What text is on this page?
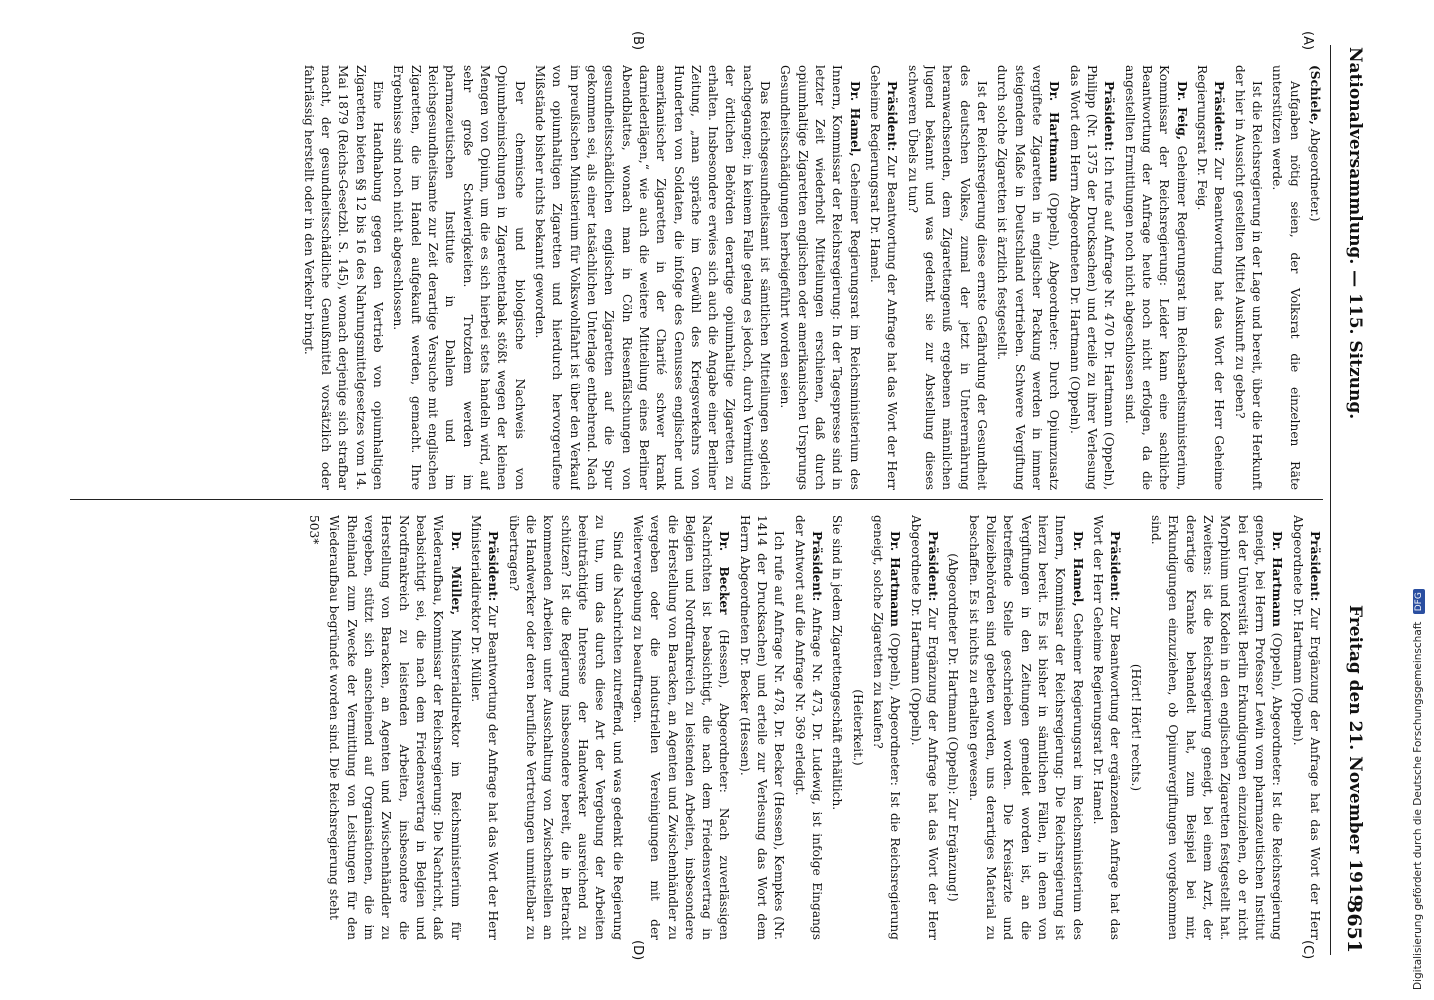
Nationalversammlung. — 115. Sitzung.
Freitag den 21. November 1919.
3651
(A)
(B)
(C)
(D)

(Schiele, Abgeordneter.)

Aufgaben nötig seien, der Volksrat die einzelnen Räte unterstützen werde.

Ist die Reichsregierung in der Lage und bereit, über die Herkunft der hier in Aussicht gestellten Mittel Auskunft zu geben?

Präsident: Zur Beantwortung hat das Wort der Herr Geheime Regierungsrat Dr. Feig.

Dr. Feig, Geheimer Regierungsrat im Reichsarbeitsministerium, Kommissar der Reichsregierung: Leider kann eine sachliche Beantwortung der Anfrage heute noch nicht erfolgen, da die angestellten Ermittlungen noch nicht abgeschlossen sind.

Präsident: Ich rufe auf Anfrage Nr. 470 Dr. Hartmann (Oppeln), Philipp (Nr. 1375 der Drucksachen) und erteile zu ihrer Verlesung das Wort dem Herrn Abgeordneten Dr. Hartmann (Oppeln).

Dr. Hartmann (Oppeln), Abgeordneter: Durch Opiumzusatz vergiftete Zigaretten in englischer Packung werden in immer steigendem Maße in Deutschland vertrieben. Schwere Vergiftung durch solche Zigaretten ist ärztlich festgestellt.

Ist der Reichsregierung diese ernste Gefährdung der Gesundheit des deutschen Volkes, zumal der jetzt in Unterernährung heranwachsenden, dem Zigarettengenuß ergebenen männlichen Jugend bekannt und was gedenkt sie zur Abstellung dieses schweren Übels zu tun?

Präsident: Zur Beantwortung der Anfrage hat das Wort der Herr Geheime Regierungsrat Dr. Hamel.

Dr. Hamel, Geheimer Regierungsrat im Reichsministerium des Innern, Kommissar der Reichsregierung: In der Tagespresse sind in letzter Zeit wiederholt Mitteilungen erschienen, daß durch opiumhaltige Zigaretten englischen oder amerikanischen Ursprungs Gesundheitsschädigungen herbeigeführt worden seien.

Das Reichsgesundheitsamt ist sämtlichen Mitteilungen sogleich nachgegangen; in keinem Falle gelang es jedoch, durch Vermittlung der örtlichen Behörden derartige opiumhaltige Zigaretten zu erhalten. Insbesondere erwies sich auch die Angabe einer Berliner Zeitung, „man spräche im Gewühl des Kriegsverkehrs von Hunderten von Soldaten, die infolge des Genusses englischer und amerikanischer Zigaretten in der Charité schwer krank darniederlägen,“ wie auch die weitere Mitteilung eines Berliner Abendblattes, wonach man in Cöln Riesenfälschungen von gesundheitsschädlichen englischen Zigaretten auf die Spur gekommen sei, als einer tatsächlichen Unterlage entbehrend. Nach im preußischen Ministerium für Volkswohlfahrt ist über den Verkauf von opiumhaltigen Zigaretten und hierdurch hervorgerufene Mißstände bisher nichts bekannt geworden.

Der chemische und biologische Nachweis von Opiumbeimischungen in Zigarettentabak stößt wegen der kleinen Mengen von Opium, um die es sich hierbei stets handeln wird, auf sehr große Schwierigkeiten. Trotzdem werden im pharmazeutischen Institute in Dahlem und im Reichsgesundheitsamte zur Zeit derartige Versuche mit englischen Zigaretten, die im Handel aufgekauft werden, gemacht. Ihre Ergebnisse sind noch nicht abgeschlossen.

Eine Handhabung gegen den Vertrieb von opiumhaltigen Zigaretten bieten §§ 12 bis 16 des Nahrungsmittelgesetzes vom 14. Mai 1879 (Reichs-Gesetzbl. S. 145), wonach derjenige sich strafbar macht, der gesundheitsschädliche Genußmittel vorsätzlich oder fahrlässig herstellt oder in den Verkehr bringt.

Präsident: Zur Ergänzung der Anfrage hat das Wort der Herr Abgeordnete Dr. Hartmann (Oppeln).

Dr. Hartmann (Oppeln), Abgeordneter: Ist die Reichsregierung geneigt, bei Herrn Professor Lewin vom pharmazeutischen Institut bei der Universität Berlin Erkundigungen einzuziehen, ob er nicht Morphium und Kodein in den englischen Zigaretten festgestellt hat. Zweitens: ist die Reichsregierung geneigt, bei einem Arzt, der derartige Kranke behandelt hat, zum Beispiel bei mir, Erkundigungen einzuziehen, ob Opiumvergiftungen vorgekommen sind.

(Hört! Hört! rechts.)

Präsident: Zur Beantwortung der ergänzenden Anfrage hat das Wort der Herr Geheime Regierungsrat Dr. Hamel.

Dr. Hamel, Geheimer Regierungsrat im Reichsministerium des Innern, Kommissar der Reichsregierung: Die Reichsregierung ist hierzu bereit. Es ist bisher in sämtlichen Fällen, in denen von Vergiftungen in den Zeitungen gemeldet worden ist, an die betreffende Stelle geschrieben worden. Die Kreisärzte und Polizeibehörden sind gebeten worden, uns derartiges Material zu beschaffen. Es ist nichts zu erhalten gewesen.

(Abgeordneter Dr. Hartmann (Oppeln): Zur Ergänzung!)

Präsident: Zur Ergänzung der Anfrage hat das Wort der Herr Abgeordnete Dr. Hartmann (Oppeln).

Dr. Hartmann (Oppeln), Abgeordneter: Ist die Reichsregierung geneigt, solche Zigaretten zu kaufen?

(Heiterkeit.)

Sie sind in jedem Zigarettengeschäft erhältlich.

Präsident: Anfrage Nr. 473, Dr. Ludewig, ist infolge Eingangs der Antwort auf die Anfrage Nr. 369 erledigt.

Ich rufe auf Anfrage Nr. 478, Dr. Becker (Hessen), Kempkes (Nr. 1414 der Drucksachen) und erteile zur Verlesung das Wort dem Herrn Abgeordneten Dr. Becker (Hessen).

Dr. Becker (Hessen), Abgeordneter: Nach zuverlässigen Nachrichten ist beabsichtigt, die nach dem Friedensvertrag in Belgien und Nordfrankreich zu leistenden Arbeiten, insbesondere die Herstellung von Baracken, an Agenten und Zwischenhändler zu vergeben oder die industriellen Vereinigungen mit der Weitervergebung zu beauftragen.

Sind die Nachrichten zutreffend, und was gedenkt die Regierung zu tun, um das durch diese Art der Vergebung der Arbeiten beeinträchtigte Interesse der Handwerker ausreichend zu schützen? Ist die Regierung insbesondere bereit, die in Betracht kommenden Arbeiten unter Ausschaltung von Zwischenstellen an die Handwerker oder deren berufliche Vertretungen unmittelbar zu übertragen?

Präsident: Zur Beantwortung der Anfrage hat das Wort der Herr Ministerialdirektor Dr. Müller.

Dr. Müller, Ministerialdirektor im Reichsministerium für Wiederaufbau, Kommissar der Reichsregierung: Die Nachricht, daß beabsichtigt sei, die nach dem Friedensvertrag in Belgien und Nordfrankreich zu leistenden Arbeiten, insbesondere die Herstellung von Baracken, an Agenten und Zwischenhändler zu vergeben, stützt sich anscheinend auf Organisationen, die im Rheinland zum Zwecke der Vermittlung von Leistungen für den Wiederaufbau begründet worden sind. Die Reichsregierung steht

503*

Digitalisierung gefördert durch die Deutsche Forschungsgemeinschaft DFG
